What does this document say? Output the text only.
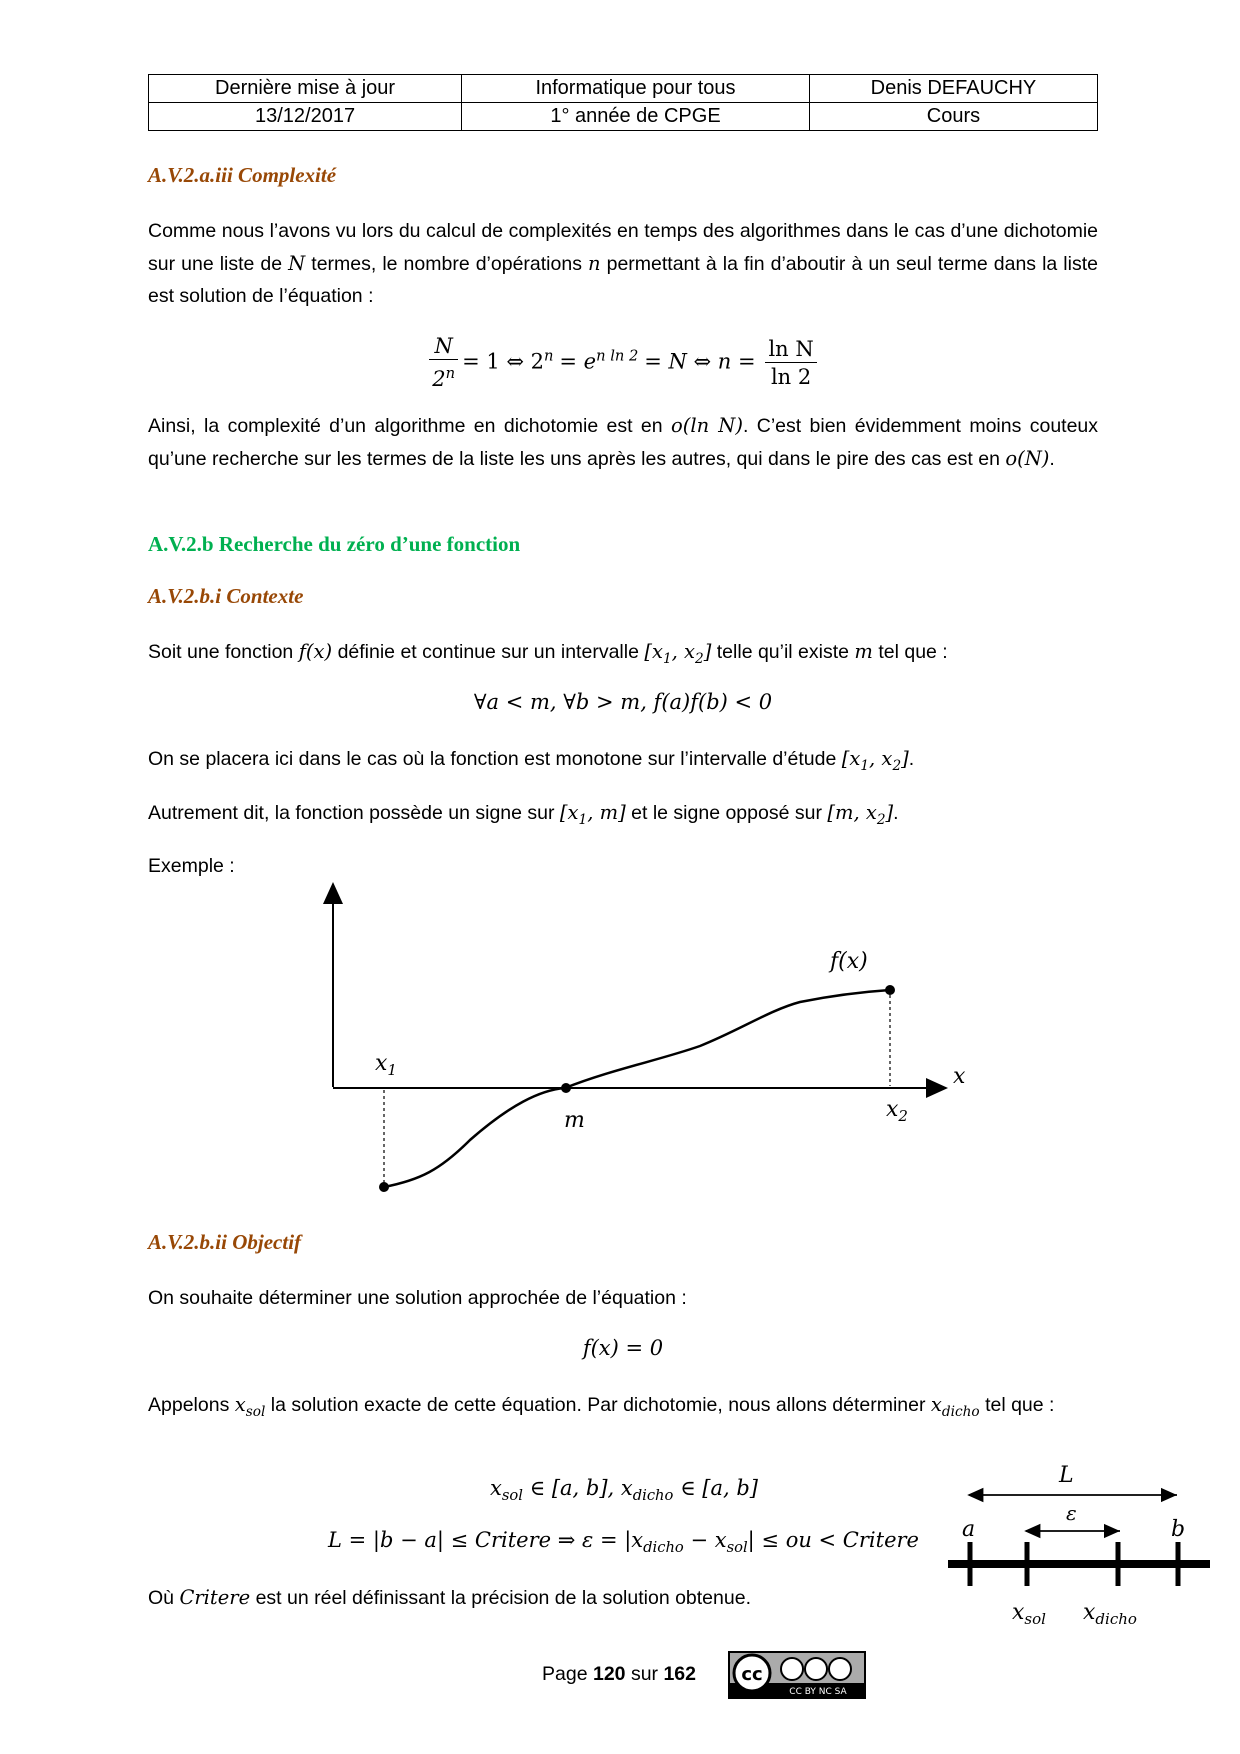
Dernière mise à jour	Informatique pour tous	Denis DEFAUCHY
13/12/2017	1° année de CPGE	Cours
A.V.2.a.iii Complexité
Comme nous l’avons vu lors du calcul de complexités en temps des algorithmes dans le cas d’une dichotomie sur une liste de N termes, le nombre d’opérations n permettant à la fin d’aboutir à un seul terme dans la liste est solution de l’équation :
$\frac{N}{2^n} = 1$ ⇔ $2^n = e^{n ln 2} = N$ ⇔ $n = \frac{\text{ln N}}{\ln 2}$
Ainsi, la complexité d’un algorithme en dichotomie est en o(ln N). C’est bien évidemment moins couteux qu’une recherche sur les termes de la liste les uns après les autres, qui dans le pire des cas est en o(N).
A.V.2.b Recherche du zéro d’une fonction
A.V.2.b.i Contexte
Soit une fonction f(x) définie et continue sur un intervalle [$x_1$, $x_2$] telle qu’il existe m tel que :
∀a < m, ∀b > m, f(a)f(b) < 0
On se placera ici dans le cas où la fonction est monotone sur l’intervalle d’étude [$x_1$, $x_2$].
Autrement dit, la fonction possède un signe sur [$x_1$, m] et le signe opposé sur [m, $x_2$].
Exemple :
f(x)
x
$x_1$
m	$x_2$
A.V.2.b.ii Objectif
On souhaite déterminer une solution approchée de l’équation :
f(x) = 0
Appelons $x_{sol}$ la solution exacte de cette équation. Par dichotomie, nous allons déterminer $x_{dicho}$ tel que :
$x_{sol}$ ∈ [a, b], $x_{dicho}$ ∈ [a, b]
L = |b − a| ≤ Critere ⇒ $\varepsilon = |x_{dicho} - x_{sol}|$ ≤ ou < Critere
Où Critere est un réel définissant la précision de la solution obtenue.
L
ε
a	b
$x_{sol}$ $x_{dicho}$
Page 120 sur 162	cc
CC BY NC SA
